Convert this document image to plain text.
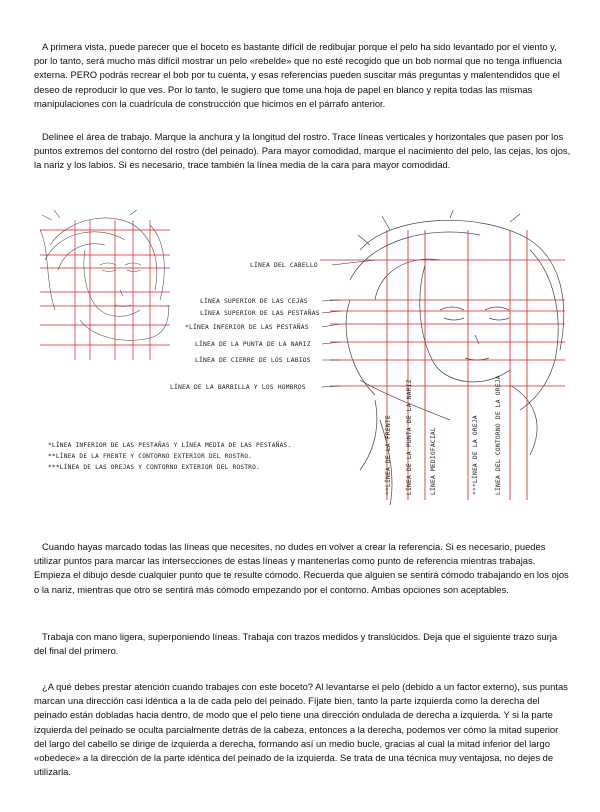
A primera vista, puede parecer que el boceto es bastante difícil de redibujar porque el pelo ha sido levantado por el viento y, por lo tanto, será mucho más difícil mostrar un pelo «rebelde» que no esté recogido que un bob normal que no tenga influencia externa. PERO podrás recrear el bob por tu cuenta, y esas referencias pueden suscitar más preguntas y malentendidos que el deseo de reproducir lo que ves. Por lo tanto, le sugiero que tome una hoja de papel en blanco y repita todas las mismas manipulaciones con la cuadrícula de construcción que hicimos en el párrafo anterior.

Delinee el área de trabajo. Marque la anchura y la longitud del rostro. Trace líneas verticales y horizontales que pasen por los puntos extremos del contorno del rostro (del peinado). Para mayor comodidad, marque el nacimiento del pelo, las cejas, los ojos, la nariz y los labios. Si es necesario, trace también la línea media de la cara para mayor comodidad.

LÍNEA DEL CABELLO
LÍNEA SUPERIOR DE LAS CEJAS
LÍNEA SUPERIOR DE LAS PESTAÑAS
*LÍNEA INFERIOR DE LAS PESTAÑAS
LÍNEA DE LA PUNTA DE LA NARIZ
LÍNEA DE CIERRE DE LOS LABIOS
LÍNEA DE LA BARBILLA Y LOS HOMBROS
**LÍNEA DE LA FRENTE	LÍNEA DE LA PUNTA DE LA NARIZ	LÍNEA MEDIOFACIAL	***LÍNEA DE LA OREJA	LÍNEA DEL CONTORNO DE LA OREJA
*LÍNEA INFERIOR DE LAS PESTAÑAS Y LÍNEA MEDIA DE LAS PESTAÑAS.
**LÍNEA DE LA FRENTE Y CONTORNO EXTERIOR DEL ROSTRO.
***LÍNEA DE LAS OREJAS Y CONTORNO EXTERIOR DEL ROSTRO.

Cuando hayas marcado todas las líneas que necesites, no dudes en volver a crear la referencia. Si es necesario, puedes utilizar puntos para marcar las intersecciones de estas líneas y mantenerlas como punto de referencia mientras trabajas. Empieza el dibujo desde cualquier punto que te resulte cómodo. Recuerda que alguien se sentirá cómodo trabajando en los ojos o la nariz, mientras que otro se sentirá más cómodo empezando por el contorno. Ambas opciones son aceptables.

Trabaja con mano ligera, superponiendo líneas. Trabaja con trazos medidos y translúcidos. Deja que el siguiente trazo surja del final del primero.

¿A qué debes prestar atención cuando trabajes con este boceto? Al levantarse el pelo (debido a un factor externo), sus puntas marcan una dirección casi idéntica a la de cada pelo del peinado. Fíjate bien, tanto la parte izquierda como la derecha del peinado están dobladas hacia dentro, de modo que el pelo tiene una dirección ondulada de derecha a izquierda. Y si la parte izquierda del peinado se oculta parcialmente detrás de la cabeza, entonces a la derecha, podemos ver cómo la mitad superior del largo del cabello se dirige de izquierda a derecha, formando así un medio bucle, gracias al cual la mitad inferior del largo «obedece» a la dirección de la parte idéntica del peinado de la izquierda. Se trata de una técnica muy ventajosa, no dejes de utilizarla.
